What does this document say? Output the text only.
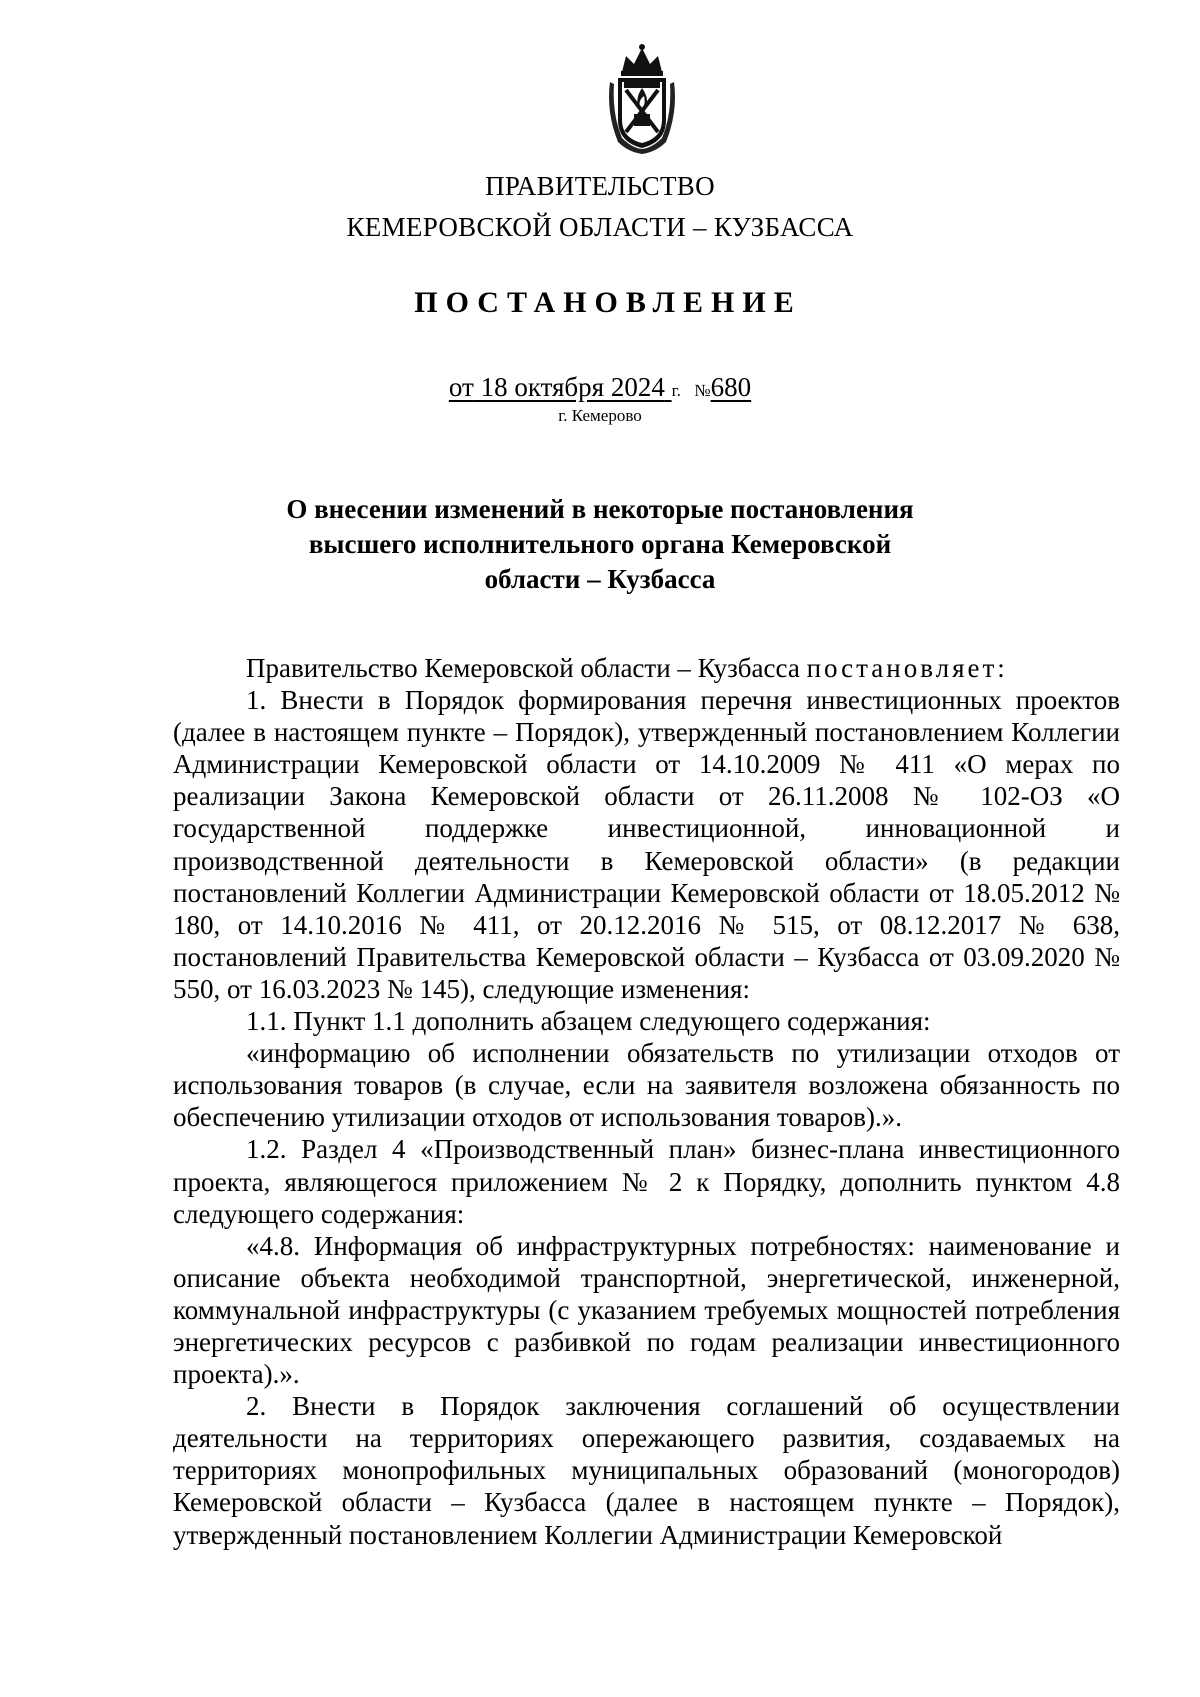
ПРАВИТЕЛЬСТВО
КЕМЕРОВСКОЙ ОБЛАСТИ – КУЗБАССА
ПОСТАНОВЛЕНИЕ
от 18 октября 2024 г. №680
г. Кемерово
О внесении изменений в некоторые постановления
высшего исполнительного органа Кемеровской
области – Кузбасса

Правительство Кемеровской области – Кузбасса постановляет:

1. Внести в Порядок формирования перечня инвестиционных проектов (далее в настоящем пункте – Порядок), утвержденный постановлением Коллегии Администрации Кемеровской области от 14.10.2009 № 411 «О мерах по реализации Закона Кемеровской области от 26.11.2008 № 102-ОЗ «О государственной поддержке инвестиционной, инновационной и производственной деятельности в Кемеровской области» (в редакции постановлений Коллегии Администрации Кемеровской области от 18.05.2012 № 180, от 14.10.2016 № 411, от 20.12.2016 № 515, от 08.12.2017 № 638, постановлений Правительства Кемеровской области – Кузбасса от 03.09.2020 № 550, от 16.03.2023 № 145), следующие изменения:

1.1. Пункт 1.1 дополнить абзацем следующего содержания:

«информацию об исполнении обязательств по утилизации отходов от использования товаров (в случае, если на заявителя возложена обязанность по обеспечению утилизации отходов от использования товаров).».

1.2. Раздел 4 «Производственный план» бизнес-плана инвестиционного проекта, являющегося приложением № 2 к Порядку, дополнить пунктом 4.8 следующего содержания:

«4.8. Информация об инфраструктурных потребностях: наименование и описание объекта необходимой транспортной, энергетической, инженерной, коммунальной инфраструктуры (с указанием требуемых мощностей потребления энергетических ресурсов с разбивкой по годам реализации инвестиционного проекта).».

2. Внести в Порядок заключения соглашений об осуществлении деятельности на территориях опережающего развития, создаваемых на территориях монопрофильных муниципальных образований (моногородов) Кемеровской области – Кузбасса (далее в настоящем пункте – Порядок), утвержденный постановлением Коллегии Администрации Кемеровской
